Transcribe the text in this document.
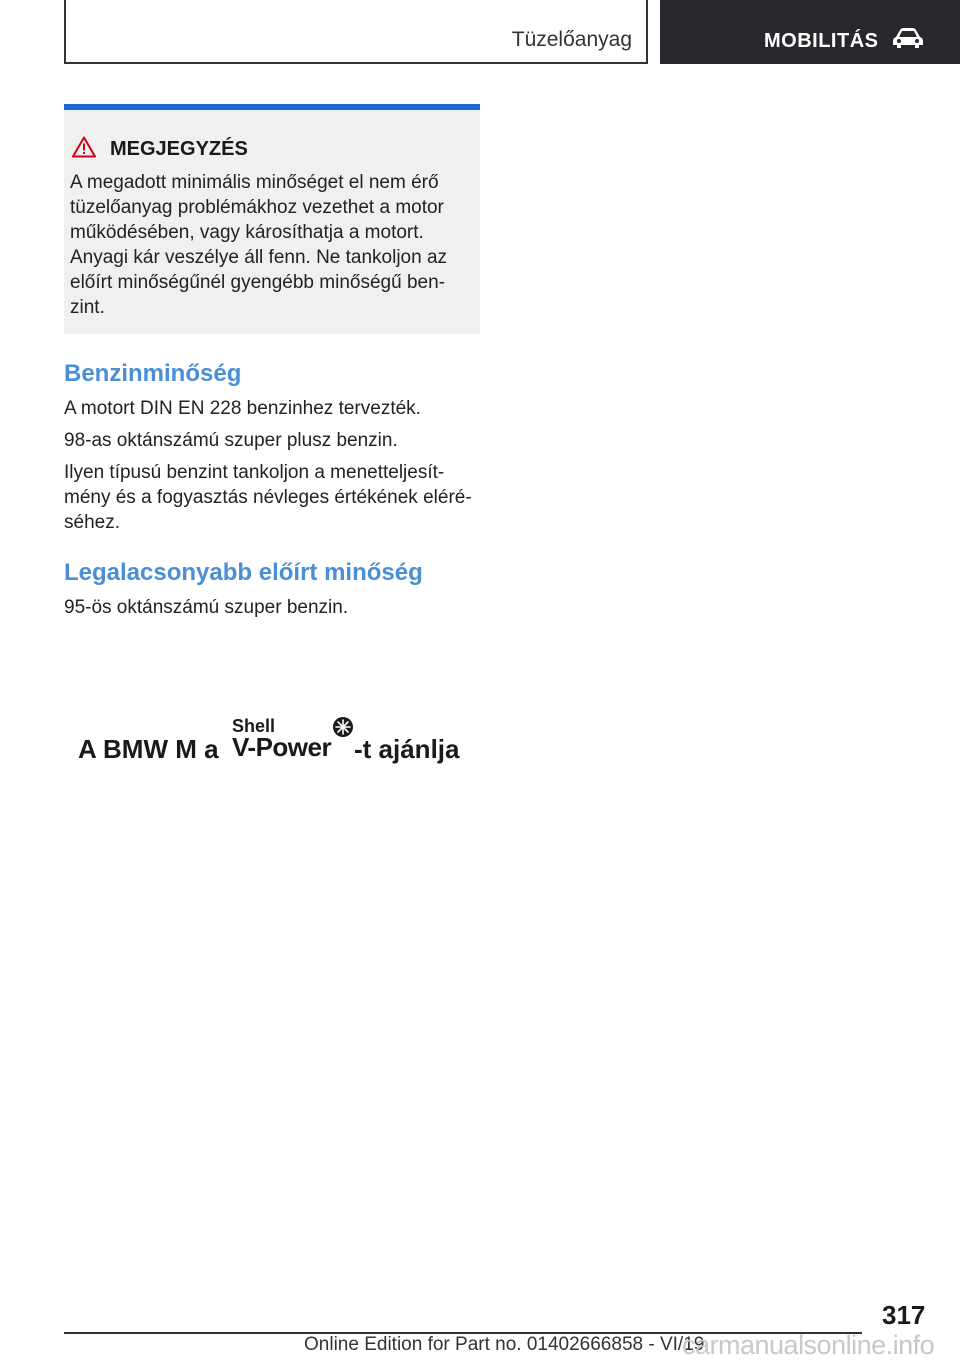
Tüzelőanyag	MOBILITÁS
MEGJEGYZÉS
A megadott minimális minőséget el nem érő
tüzelőanyag problémákhoz vezethet a motor
működésében, vagy károsíthatja a motort.
Anyagi kár veszélye áll fenn. Ne tankoljon az
előírt minőségűnél gyengébb minőségű ben‐
zint.
Benzinminőség
A motort DIN EN 228 benzinhez tervezték.
98-as oktánszámú szuper plusz benzin.
Ilyen típusú benzint tankoljon a menetteljesít‐
mény és a fogyasztás névleges értékének eléré‐
séhez.
Legalacsonyabb előírt minőség
95-ös oktánszámú szuper benzin.
A BMW M a
Shell
V-Power -t ajánlja
317
Online Edition for Part no. 01402666858 - VI/19
carmanualsonline.info
